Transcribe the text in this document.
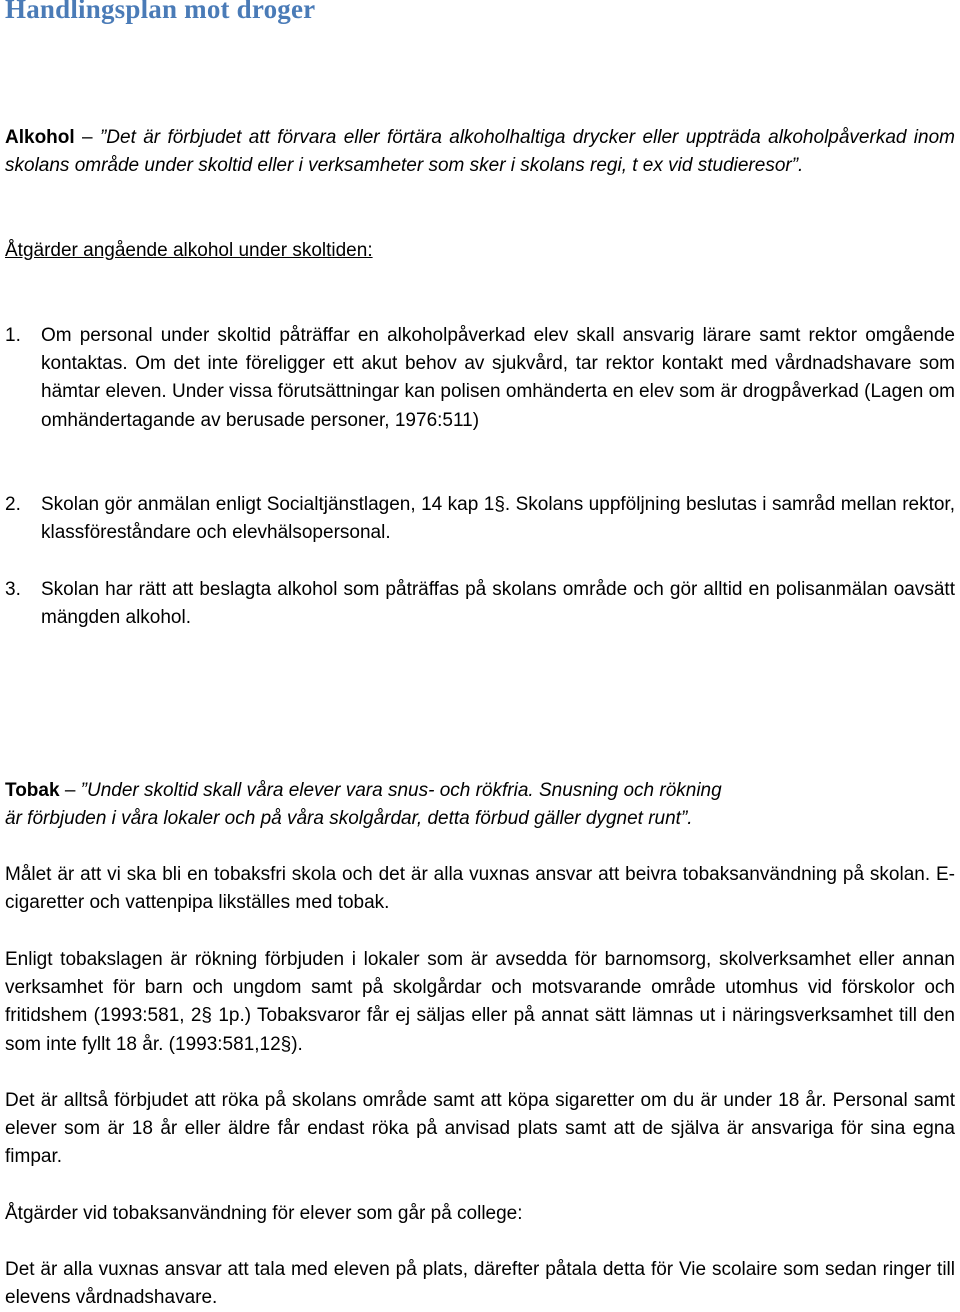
Handlingsplan mot droger

Alkohol – ”Det är förbjudet att förvara eller förtära alkoholhaltiga drycker eller uppträda alkoholpåverkad inom skolans område under skoltid eller i verksamheter som sker i skolans regi, t ex vid studieresor”.

Åtgärder angående alkohol under skoltiden:

1. Om personal under skoltid påträffar en alkoholpåverkad elev skall ansvarig lärare samt rektor omgående kontaktas. Om det inte föreligger ett akut behov av sjukvård, tar rektor kontakt med vårdnadshavare som hämtar eleven. Under vissa förutsättningar kan polisen omhänderta en elev som är drogpåverkad (Lagen om omhändertagande av berusade personer, 1976:511)
2. Skolan gör anmälan enligt Socialtjänstlagen, 14 kap 1§. Skolans uppföljning beslutas i samråd mellan rektor, klassföreståndare och elevhälsopersonal.
3. Skolan har rätt att beslagta alkohol som påträffas på skolans område och gör alltid en polisanmälan oavsätt mängden alkohol.

Tobak – ”Under skoltid skall våra elever vara snus- och rökfria. Snusning och rökning
är förbjuden i våra lokaler och på våra skolgårdar, detta förbud gäller dygnet runt”.

Målet är att vi ska bli en tobaksfri skola och det är alla vuxnas ansvar att beivra tobaksanvändning på skolan. E-cigaretter och vattenpipa likställes med tobak.

Enligt tobakslagen är rökning förbjuden i lokaler som är avsedda för barnomsorg, skolverksamhet eller annan verksamhet för barn och ungdom samt på skolgårdar och motsvarande område utomhus vid förskolor och fritidshem (1993:581, 2§ 1p.) Tobaksvaror får ej säljas eller på annat sätt lämnas ut i näringsverksamhet till den som inte fyllt 18 år. (1993:581,12§).

Det är alltså förbjudet att röka på skolans område samt att köpa sigaretter om du är under 18 år. Personal samt elever som är 18 år eller äldre får endast röka på anvisad plats samt att de själva är ansvariga för sina egna fimpar.

Åtgärder vid tobaksanvändning för elever som går på college:

Det är alla vuxnas ansvar att tala med eleven på plats, därefter påtala detta för Vie scolaire som sedan ringer till elevens vårdnadshavare.
